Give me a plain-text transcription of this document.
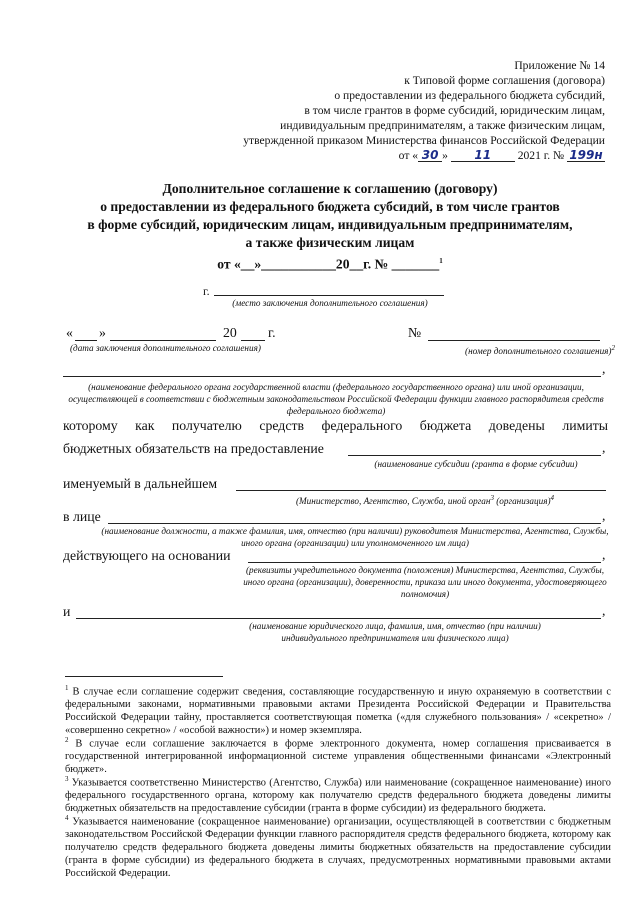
Приложение № 14
к Типовой форме соглашения (договора)
о предоставлении из федерального бюджета субсидий,
в том числе грантов в форме субсидий, юридическим лицам,
индивидуальным предпринимателям, а также физическим лицам,
утвержденной приказом Министерства финансов Российской Федерации
от « 30 » 11 2021 г. № 199н
Дополнительное соглашение к соглашению (договору)
о предоставлении из федерального бюджета субсидий, в том числе грантов
в форме субсидий, юридическим лицам, индивидуальным предпринимателям,
а также физическим лицам
от «__»___________20__г. № _______$^1$
г.
(место заключения дополнительного соглашения)
« »	20 г.	№
(дата заключения дополнительного соглашения)	(номер дополнительного соглашения)$^2$
,
(наименование федерального органа государственной власти (федерального государственного органа) или иной организации, осуществляющей в соответствии с бюджетным законодательством Российской Федерации функции главного распорядителя средств федерального бюджета)
которому как получателю средств федерального бюджета доведены лимиты
бюджетных обязательств на предоставление	,
(наименование субсидии (гранта в форме субсидии)
именуемый в дальнейшем
(Министерство, Агентство, Служба, иной орган$^3$ (организация)$^4$
в лице	,
(наименование должности, а также фамилия, имя, отчество (при наличии) руководителя Министерства, Агентства, Службы, иного органа (организации) или уполномоченного им лица)
действующего на основании	,
(реквизиты учредительного документа (положения) Министерства, Агентства, Службы, иного органа (организации), доверенности, приказа или иного документа, удостоверяющего полномочия)
и	,
(наименование юридического лица, фамилия, имя, отчество (при наличии) индивидуального предпринимателя или физического лица)
$^1$ В случае если соглашение содержит сведения, составляющие государственную и иную охраняемую в соответствии с федеральными законами, нормативными правовыми актами Президента Российской Федерации и Правительства Российской Федерации тайну, проставляется соответствующая пометка («для служебного пользования» / «секретно» / «совершенно секретно» / «особой важности») и номер экземпляра.
$^2$ В случае если соглашение заключается в форме электронного документа, номер соглашения присваивается в государственной интегрированной информационной системе управления общественными финансами «Электронный бюджет».
$^3$ Указывается соответственно Министерство (Агентство, Служба) или наименование (сокращенное наименование) иного федерального государственного органа, которому как получателю средств федерального бюджета доведены лимиты бюджетных обязательств на предоставление субсидии (гранта в форме субсидии) из федерального бюджета.
$^4$ Указывается наименование (сокращенное наименование) организации, осуществляющей в соответствии с бюджетным законодательством Российской Федерации функции главного распорядителя средств федерального бюджета, которому как получателю средств федерального бюджета доведены лимиты бюджетных обязательств на предоставление субсидии (гранта в форме субсидии) из федерального бюджета в случаях, предусмотренных нормативными правовыми актами Российской Федерации.
